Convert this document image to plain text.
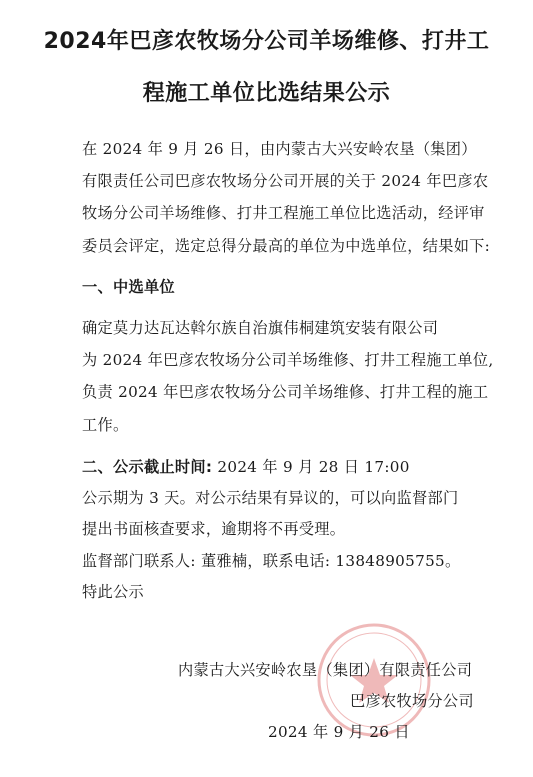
2024年巴彦农牧场分公司羊场维修、打井工
程施工单位比选结果公示
在 2024 年 9 月 26 日，由内蒙古大兴安岭农垦（集团）
有限责任公司巴彦农牧场分公司开展的关于 2024 年巴彦农
牧场分公司羊场维修、打井工程施工单位比选活动，经评审
委员会评定，选定总得分最高的单位为中选单位，结果如下:
一、中选单位
确定莫力达瓦达斡尔族自治旗伟桐建筑安装有限公司
为 2024 年巴彦农牧场分公司羊场维修、打井工程施工单位,
负责 2024 年巴彦农牧场分公司羊场维修、打井工程的施工
工作。
二、公示截止时间: 2024 年 9 月 28 日 17:00
公示期为 3 天。对公示结果有异议的，可以向监督部门
提出书面核查要求，逾期将不再受理。
监督部门联系人: 董雅楠，联系电话: 13848905755。
特此公示
内蒙古大兴安岭农垦（集团）有限责任公司
巴彦农牧场分公司
2024 年 9 月 26 日
